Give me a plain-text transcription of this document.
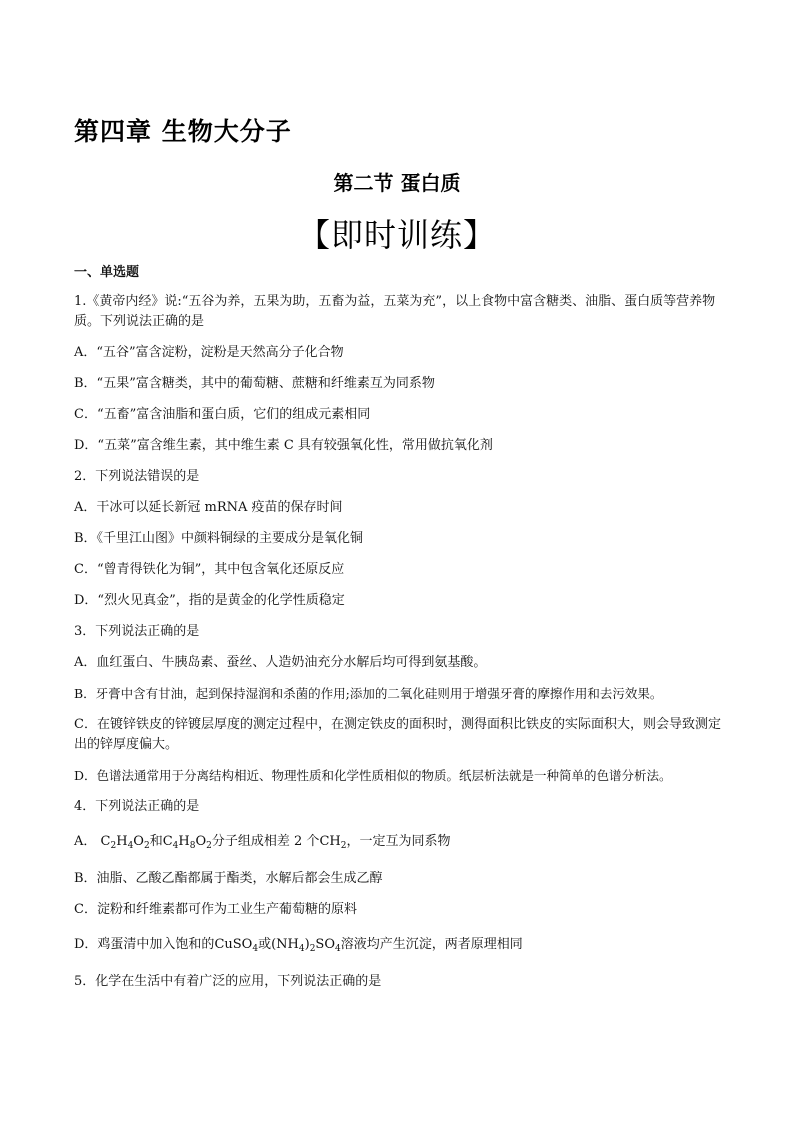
第四章 生物大分子
第二节 蛋白质
【即时训练】
一、单选题
1.《黄帝内经》说:“五谷为养，五果为助，五畜为益，五菜为充”，以上食物中富含糖类、油脂、蛋白质等营养物质。下列说法正确的是
A．“五谷”富含淀粉，淀粉是天然高分子化合物
B．“五果”富含糖类，其中的葡萄糖、蔗糖和纤维素互为同系物
C．“五畜”富含油脂和蛋白质，它们的组成元素相同
D．“五菜”富含维生素，其中维生素 C 具有较强氧化性，常用做抗氧化剂
2．下列说法错误的是
A．干冰可以延长新冠 mRNA 疫苗的保存时间
B．《千里江山图》中颜料铜绿的主要成分是氧化铜
C．“曾青得铁化为铜”，其中包含氧化还原反应
D．“烈火见真金”，指的是黄金的化学性质稳定
3．下列说法正确的是
A．血红蛋白、牛胰岛素、蚕丝、人造奶油充分水解后均可得到氨基酸。
B．牙膏中含有甘油，起到保持湿润和杀菌的作用;添加的二氧化硅则用于增强牙膏的摩擦作用和去污效果。
C．在镀锌铁皮的锌镀层厚度的测定过程中，在测定铁皮的面积时，测得面积比铁皮的实际面积大，则会导致测定出的锌厚度偏大。
D．色谱法通常用于分离结构相近、物理性质和化学性质相似的物质。纸层析法就是一种简单的色谱分析法。
4．下列说法正确的是
A． $C_2H_4O_2$和$C_4H_8O_2$分子组成相差 2 个$CH_2$，一定互为同系物
B．油脂、乙酸乙酯都属于酯类，水解后都会生成乙醇
C．淀粉和纤维素都可作为工业生产葡萄糖的原料
D．鸡蛋清中加入饱和的CuSO$_4$或$(NH_4)_2SO_4$溶液均产生沉淀，两者原理相同
5．化学在生活中有着广泛的应用，下列说法正确的是
